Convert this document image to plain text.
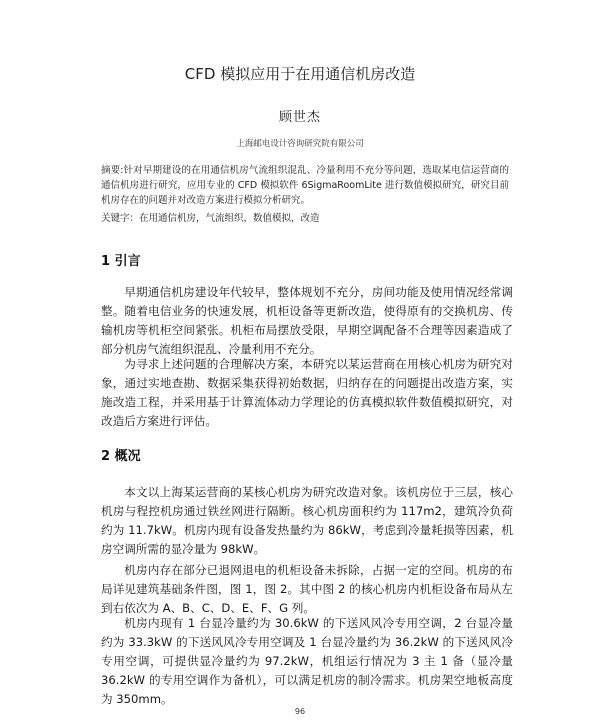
CFD 模拟应用于在用通信机房改造
顾世杰
上海邮电设计咨询研究院有限公司

摘要:针对早期建设的在用通信机房气流组织混乱、冷量利用不充分等问题，选取某电信运营商的通信机房进行研究，应用专业的 CFD 模拟软件 6SigmaRoomLite 进行数值模拟研究，研究目前机房存在的问题并对改造方案进行模拟分析研究。

关键字：在用通信机房，气流组织，数值模拟，改造

1 引言

早期通信机房建设年代较早，整体规划不充分，房间功能及使用情况经常调整。随着电信业务的快速发展，机柜设备等更新改造，使得原有的交换机房、传输机房等机柜空间紧张。机柜布局摆放受限，早期空调配备不合理等因素造成了部分机房气流组织混乱、冷量利用不充分。

为寻求上述问题的合理解决方案，本研究以某运营商在用核心机房为研究对象，通过实地查勘、数据采集获得初始数据，归纳存在的问题提出改造方案，实施改造工程，并采用基于计算流体动力学理论的仿真模拟软件数值模拟研究，对改造后方案进行评估。

2 概况

本文以上海某运营商的某核心机房为研究改造对象。该机房位于三层，核心机房与程控机房通过铁丝网进行隔断。核心机房面积约为 117m2，建筑冷负荷约为 11.7kW。机房内现有设备发热量约为 86kW，考虑到冷量耗损等因素，机房空调所需的显冷量为 98kW。

机房内存在部分已退网退电的机柜设备未拆除，占据一定的空间。机房的布局详见建筑基础条件图，图 1，图 2。其中图 2 的核心机房内机柜设备布局从左到右依次为 A、B、C、D、E、F、G 列。

机房内现有 1 台显冷量约为 30.6kW 的下送风风冷专用空调，2 台显冷量约为 33.3kW 的下送风风冷专用空调及 1 台显冷量约为 36.2kW 的下送风风冷专用空调，可提供显冷量约为 97.2kW，机组运行情况为 3 主 1 备（显冷量 36.2kW 的专用空调作为备机），可以满足机房的制冷需求。机房架空地板高度为 350mm。

96
